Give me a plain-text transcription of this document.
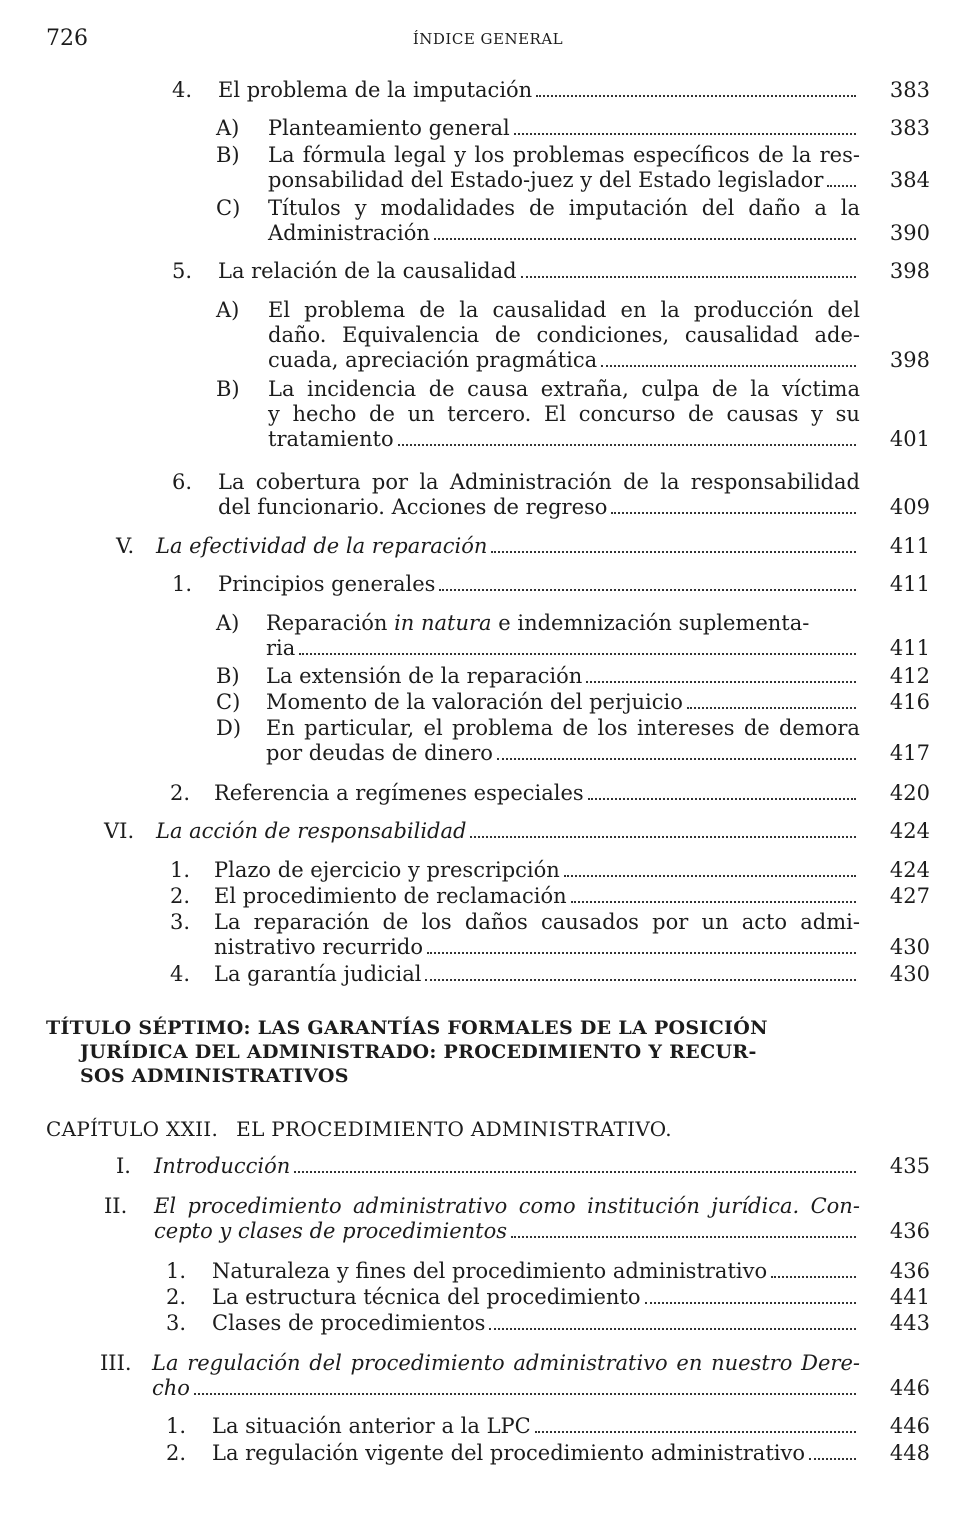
726	ÍNDICE GENERAL
4. El problema de la imputación	383
A) Planteamiento general	383
B) La fórmula legal y los problemas específicos de la res-
ponsabilidad del Estado-juez y del Estado legislador	384
C) Títulos y modalidades de imputación del daño a la
Administración	390
5. La relación de la causalidad	398
A) El problema de la causalidad en la producción del
daño. Equivalencia de condiciones, causalidad ade-
cuada, apreciación pragmática	398
B) La incidencia de causa extraña, culpa de la víctima
y hecho de un tercero. El concurso de causas y su
tratamiento	401
6. La cobertura por la Administración de la responsabilidad
del funcionario. Acciones de regreso	409
V. La efectividad de la reparación	411
1. Principios generales	411
A) Reparación in natura e indemnización suplementa-
ria	411
B) La extensión de la reparación	412
C) Momento de la valoración del perjuicio	416
D) En particular, el problema de los intereses de demora
por deudas de dinero	417
2. Referencia a regímenes especiales	420
VI. La acción de responsabilidad	424
1. Plazo de ejercicio y prescripción	424
2. El procedimiento de reclamación	427
3. La reparación de los daños causados por un acto admi-
nistrativo recurrido	430
4. La garantía judicial	430
I. Introducción	435
II. El procedimiento administrativo como institución jurídica. Con-
cepto y clases de procedimientos	436
1. Naturaleza y fines del procedimiento administrativo	436
2. La estructura técnica del procedimiento	441
3. Clases de procedimientos	443
III. La regulación del procedimiento administrativo en nuestro Dere-
cho	446
1. La situación anterior a la LPC	446
2. La regulación vigente del procedimiento administrativo	448
TÍTULO SÉPTIMO: LAS GARANTÍAS FORMALES DE LA POSICIÓN
JURÍDICA DEL ADMINISTRADO: PROCEDIMIENTO Y RECUR-
SOS ADMINISTRATIVOS
CAPÍTULO XXII. EL PROCEDIMIENTO ADMINISTRATIVO.
